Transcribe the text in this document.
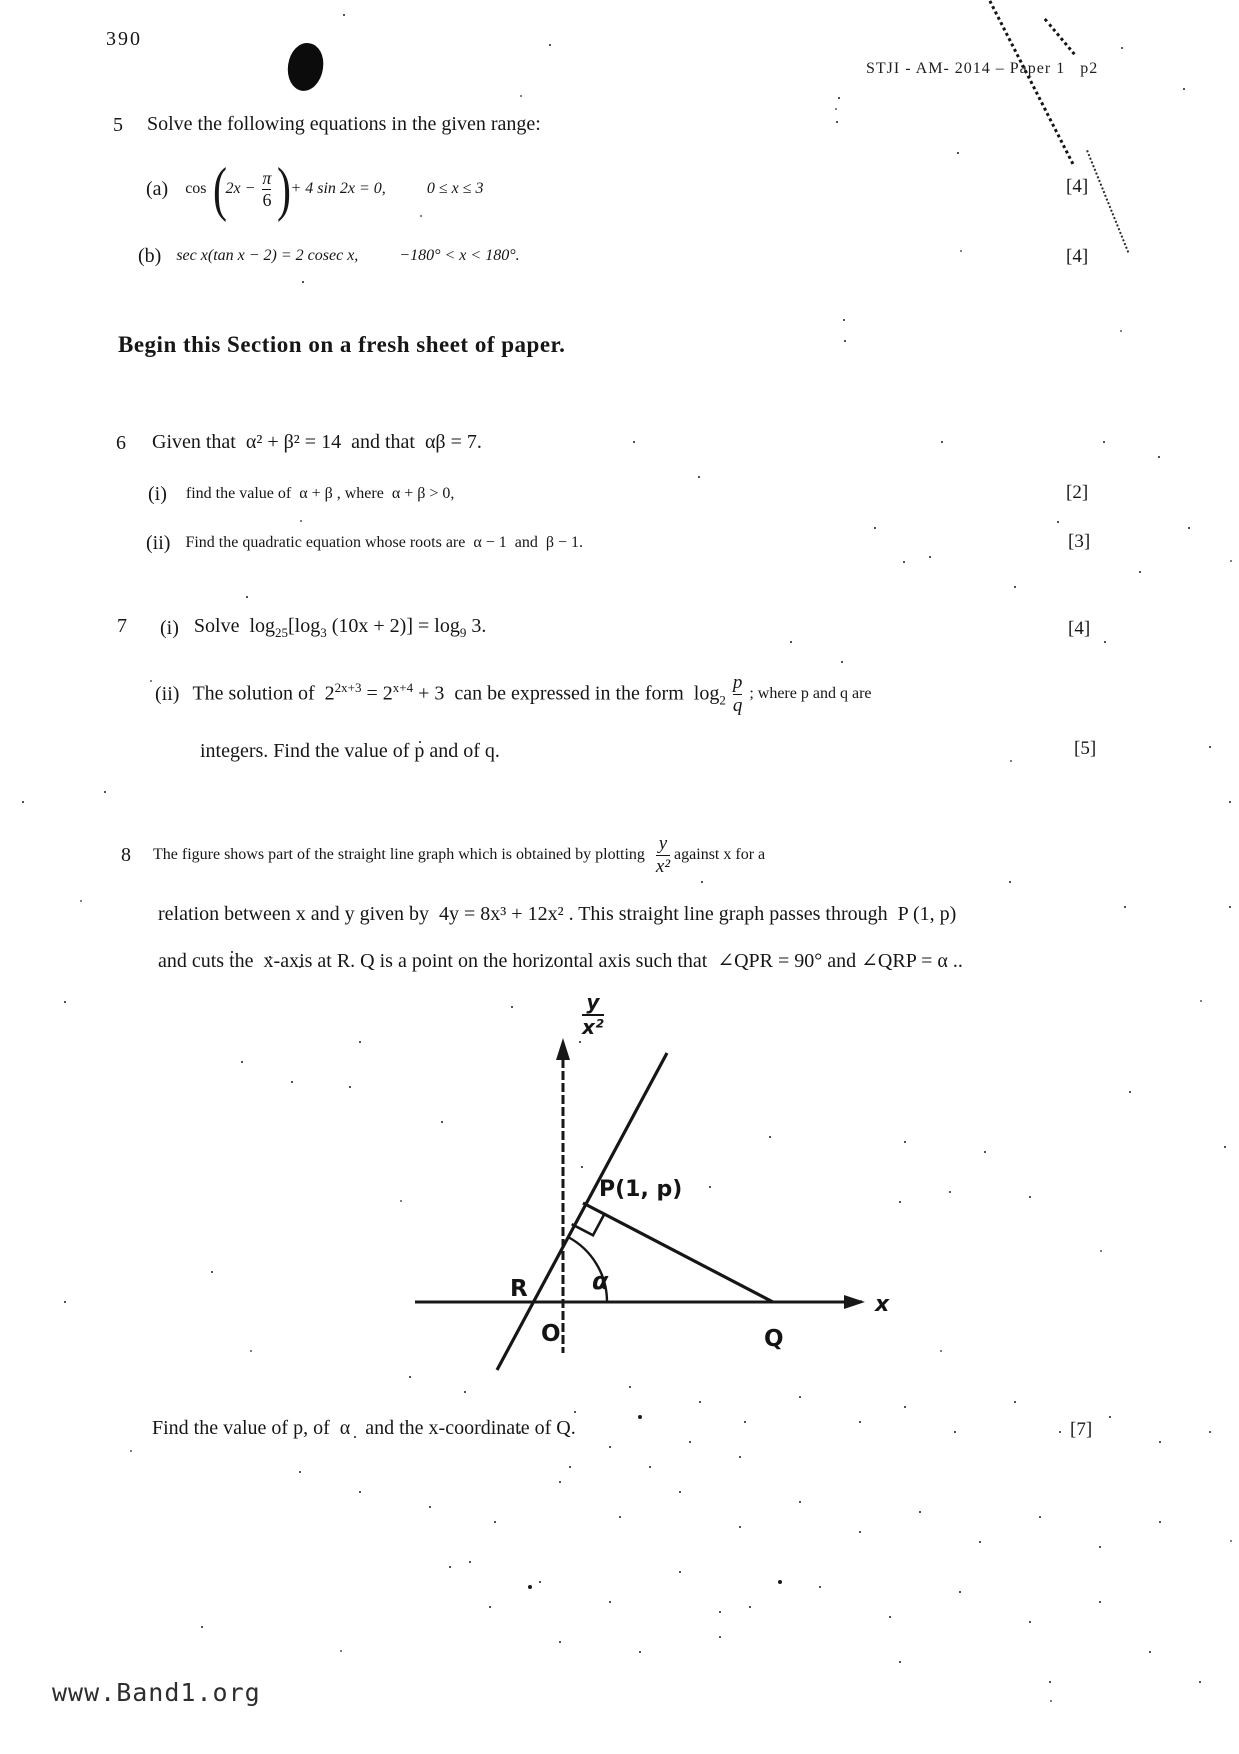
390
STJI - AM- 2014 – Paper 1   p2
5 Solve the following equations in the given range:
(a) cos (
$2x - \frac{\pi}{6}$ )
+ 4 sin 2x = 0,	0 ≤ x ≤ 3	[4]
(b) sec x(tan x − 2) = 2 cosec x,	−180° < x < 180°.	[4]
Begin this Section on a fresh sheet of paper.
6 Given that  α² + β² = 14  and that  αβ = 7.
(i) find the value of  α + β , where  α + β > 0,	[2]
(ii) Find the quadratic equation whose roots are  α − 1  and  β − 1.	[3]
7 (i) Solve  $\log_{25}[\log_3$ $(10x + 2)] = \log_9 3$.	[4]
(ii) The solution of  $2^{2x+3} = 2^{x+4} + 3$  can be expressed in the form  $\log_2 \frac{p}{q}$ ; where p and q are
integers. Find the value of p and of q.	[5]
8 The figure shows part of the straight line graph which is obtained by plotting $\frac{y}{\text{x²}}$ against x for a
relation between x and y given by  4y = 8x³ + 12x² . This straight line graph passes through  P (1, p)
and cuts the  x-axis at R. Q is a point on the horizontal axis such that  ∠QPR = 90° and ∠QRP = α ..
y
x²
P(1, p)
R
O	Q
α
x
Find the value of p, of  α   and the x-coordinate of Q.	[7]
www.Band1.org
